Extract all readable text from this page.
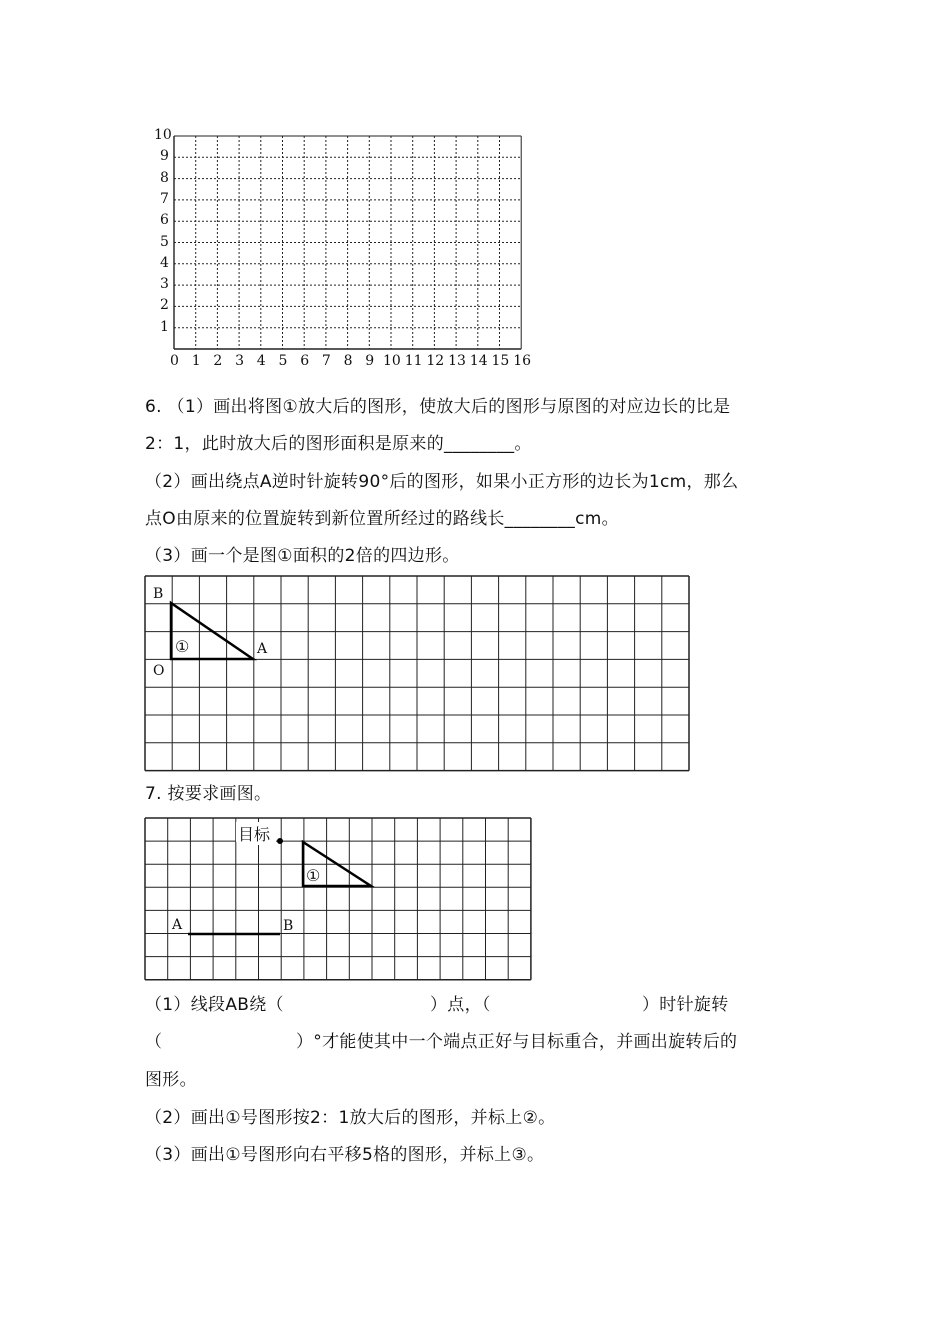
10
9
8
7
6
5
4
3
2
1
0 1 2 3 4 5 6 7 8 9 10 11 12 13 14 15 16
6. （1）画出将图①放大后的图形，使放大后的图形与原图的对应边长的比是
2：1，此时放大后的图形面积是原来的________。
（2）画出绕点A逆时针旋转90°后的图形，如果小正方形的边长为1cm，那么
点O由原来的位置旋转到新位置所经过的路线长________cm。
（3）画一个是图①面积的2倍的四边形。
B
A
O
①
7. 按要求画图。
目标
A	B
①
（1）线段AB绕（	）点，（	）时针旋转
（	）°才能使其中一个端点正好与目标重合，并画出旋转后的
图形。
（2）画出①号图形按2：1放大后的图形，并标上②。
（3）画出①号图形向右平移5格的图形，并标上③。
